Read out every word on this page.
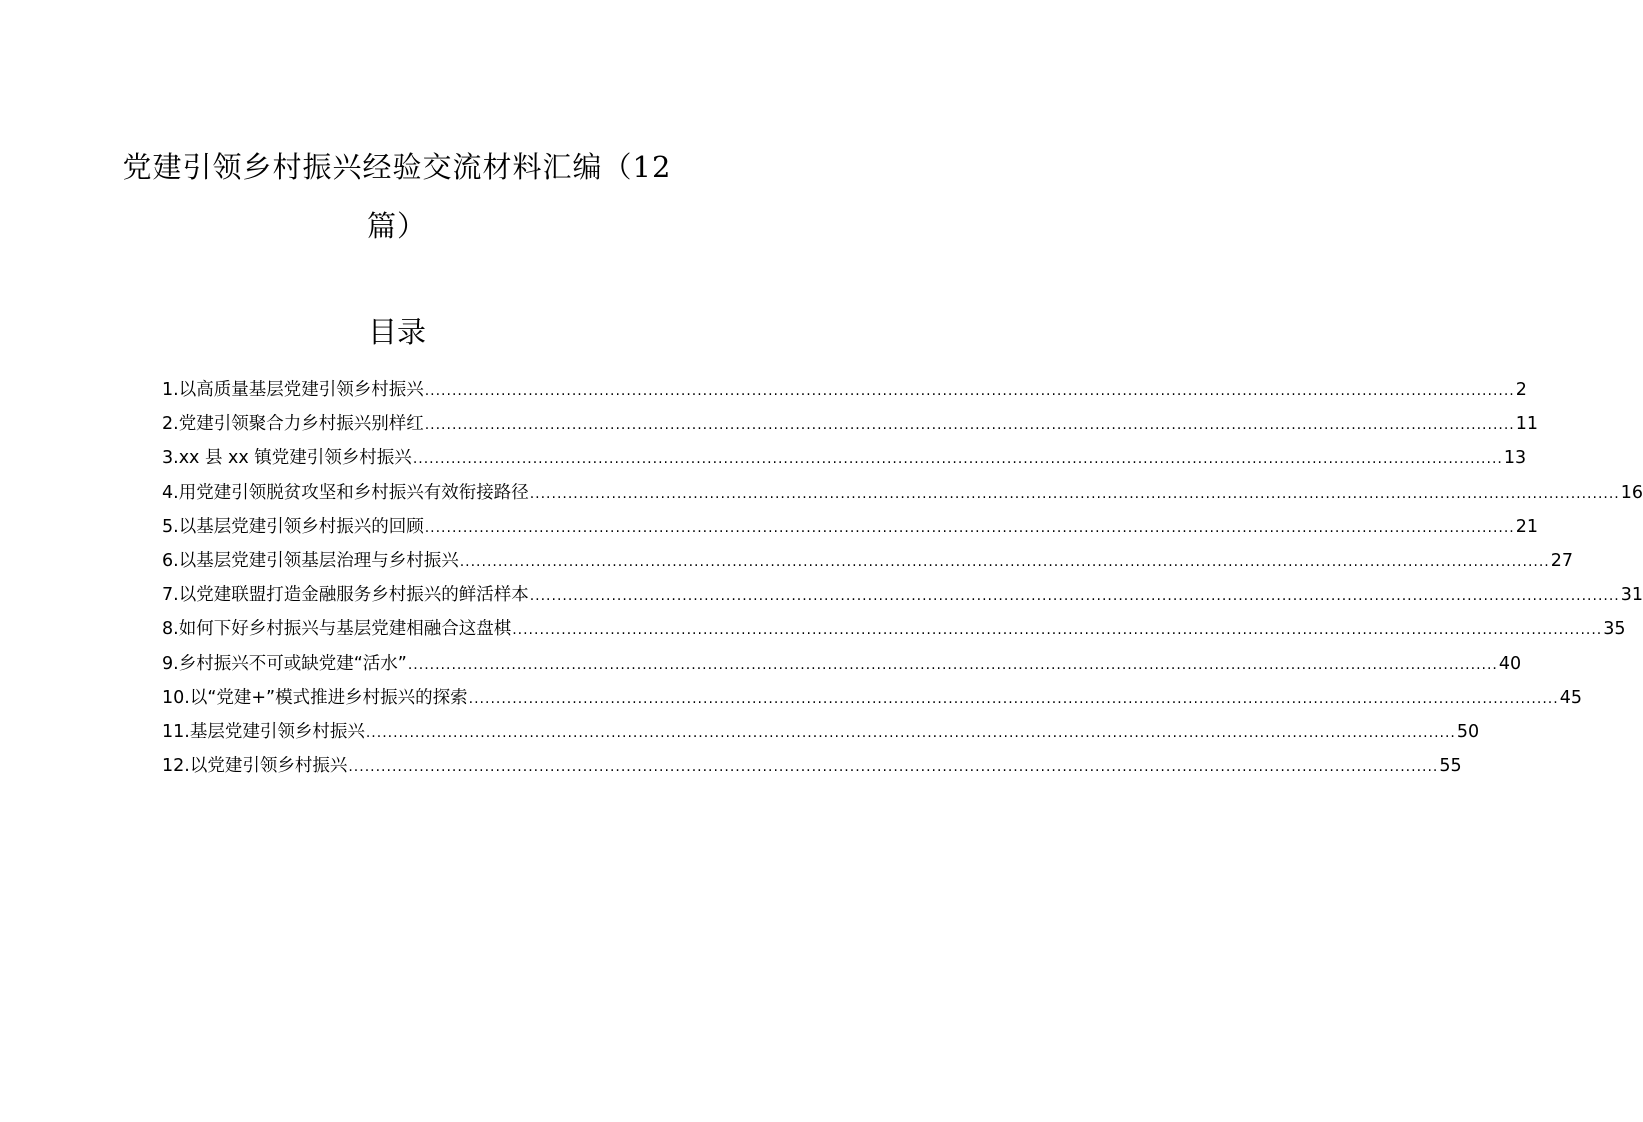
党建引领乡村振兴经验交流材料汇编（12
篇）
目录
1.以高质量基层党建引领乡村振兴 ........................................................................................................................................................................................................ 2
2.党建引领聚合力乡村振兴别样红 ........................................................................................................................................................................................................ 11
3.xx 县 xx 镇党建引领乡村振兴 ........................................................................................................................................................................................................ 13
4.用党建引领脱贫攻坚和乡村振兴有效衔接路径 ........................................................................................................................................................................................................ 16
5.以基层党建引领乡村振兴的回顾 ........................................................................................................................................................................................................ 21
6.以基层党建引领基层治理与乡村振兴 ........................................................................................................................................................................................................ 27
7.以党建联盟打造金融服务乡村振兴的鲜活样本 ........................................................................................................................................................................................................ 31
8.如何下好乡村振兴与基层党建相融合这盘棋 ........................................................................................................................................................................................................ 35
9.乡村振兴不可或缺党建“活水” ........................................................................................................................................................................................................ 40
10.以“党建+”模式推进乡村振兴的探索 ........................................................................................................................................................................................................ 45
11.基层党建引领乡村振兴 ........................................................................................................................................................................................................ 50
12.以党建引领乡村振兴 ........................................................................................................................................................................................................ 55
